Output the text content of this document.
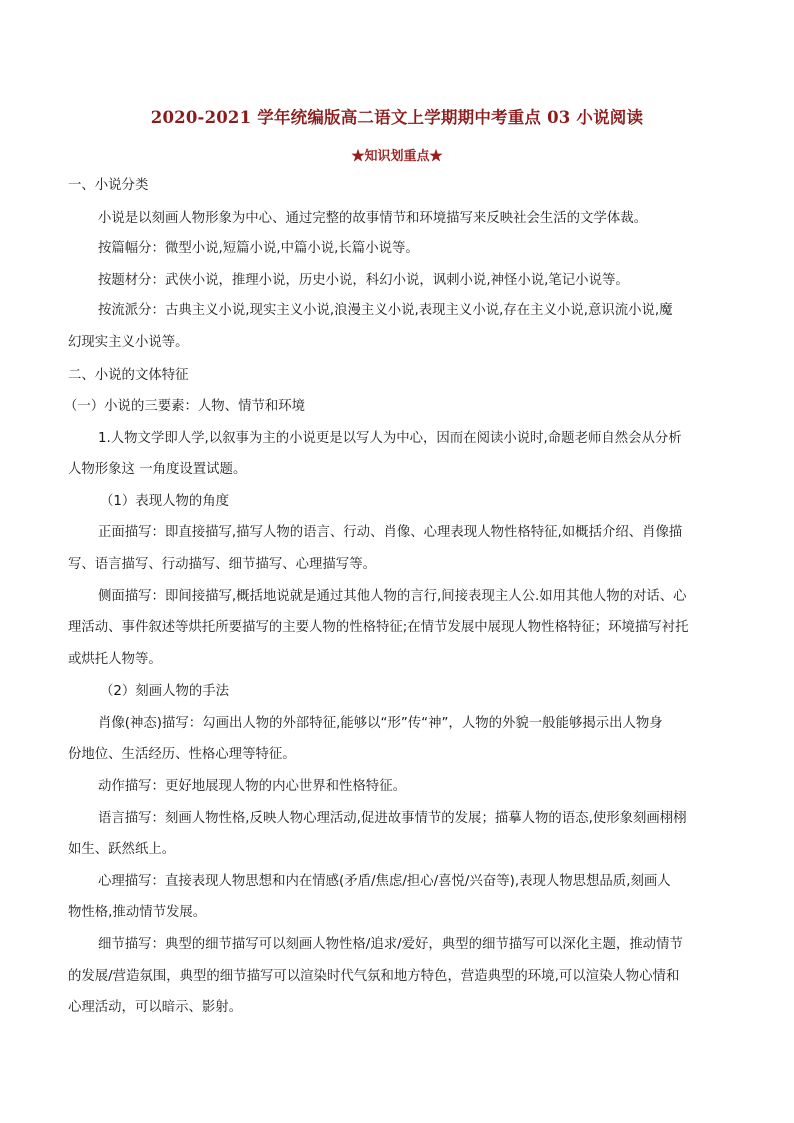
2020-2021 学年统编版高二语文上学期期中考重点 03 小说阅读
★知识划重点★
一、小说分类
小说是以刻画人物形象为中心、通过完整的故事情节和环境描写来反映社会生活的文学体裁。
按篇幅分：微型小说,短篇小说,中篇小说,长篇小说等。
按题材分：武侠小说，推理小说，历史小说，科幻小说，讽刺小说,神怪小说,笔记小说等。
按流派分：古典主义小说,现实主义小说,浪漫主义小说,表现主义小说,存在主义小说,意识流小说,魔
幻现实主义小说等。
二、小说的文体特征
（一）小说的三要素：人物、情节和环境
1.人物文学即人学,以叙事为主的小说更是以写人为中心，因而在阅读小说时,命题老师自然会从分析
人物形象这 一角度设置试题。
（1）表现人物的角度
正面描写：即直接描写,描写人物的语言、行动、肖像、心理表现人物性格特征,如概括介绍、肖像描
写、语言描写、行动描写、细节描写、心理描写等。
侧面描写：即间接描写,概括地说就是通过其他人物的言行,间接表现主人公.如用其他人物的对话、心
理活动、事件叙述等烘托所要描写的主要人物的性格特征;在情节发展中展现人物性格特征；环境描写衬托
或烘托人物等。
（2）刻画人物的手法
肖像(神态)描写：勾画出人物的外部特征,能够以“形”传“神”，人物的外貌一般能够揭示出人物身
份地位、生活经历、性格心理等特征。
动作描写：更好地展现人物的内心世界和性格特征。
语言描写：刻画人物性格,反映人物心理活动,促进故事情节的发展；描摹人物的语态,使形象刻画栩栩
如生、跃然纸上。
心理描写：直接表现人物思想和内在情感(矛盾/焦虑/担心/喜悦/兴奋等),表现人物思想品质,刻画人
物性格,推动情节发展。
细节描写：典型的细节描写可以刻画人物性格/追求/爱好，典型的细节描写可以深化主题，推动情节
的发展/营造氛围，典型的细节描写可以渲染时代气氛和地方特色，营造典型的环境,可以渲染人物心情和
心理活动，可以暗示、影射。
